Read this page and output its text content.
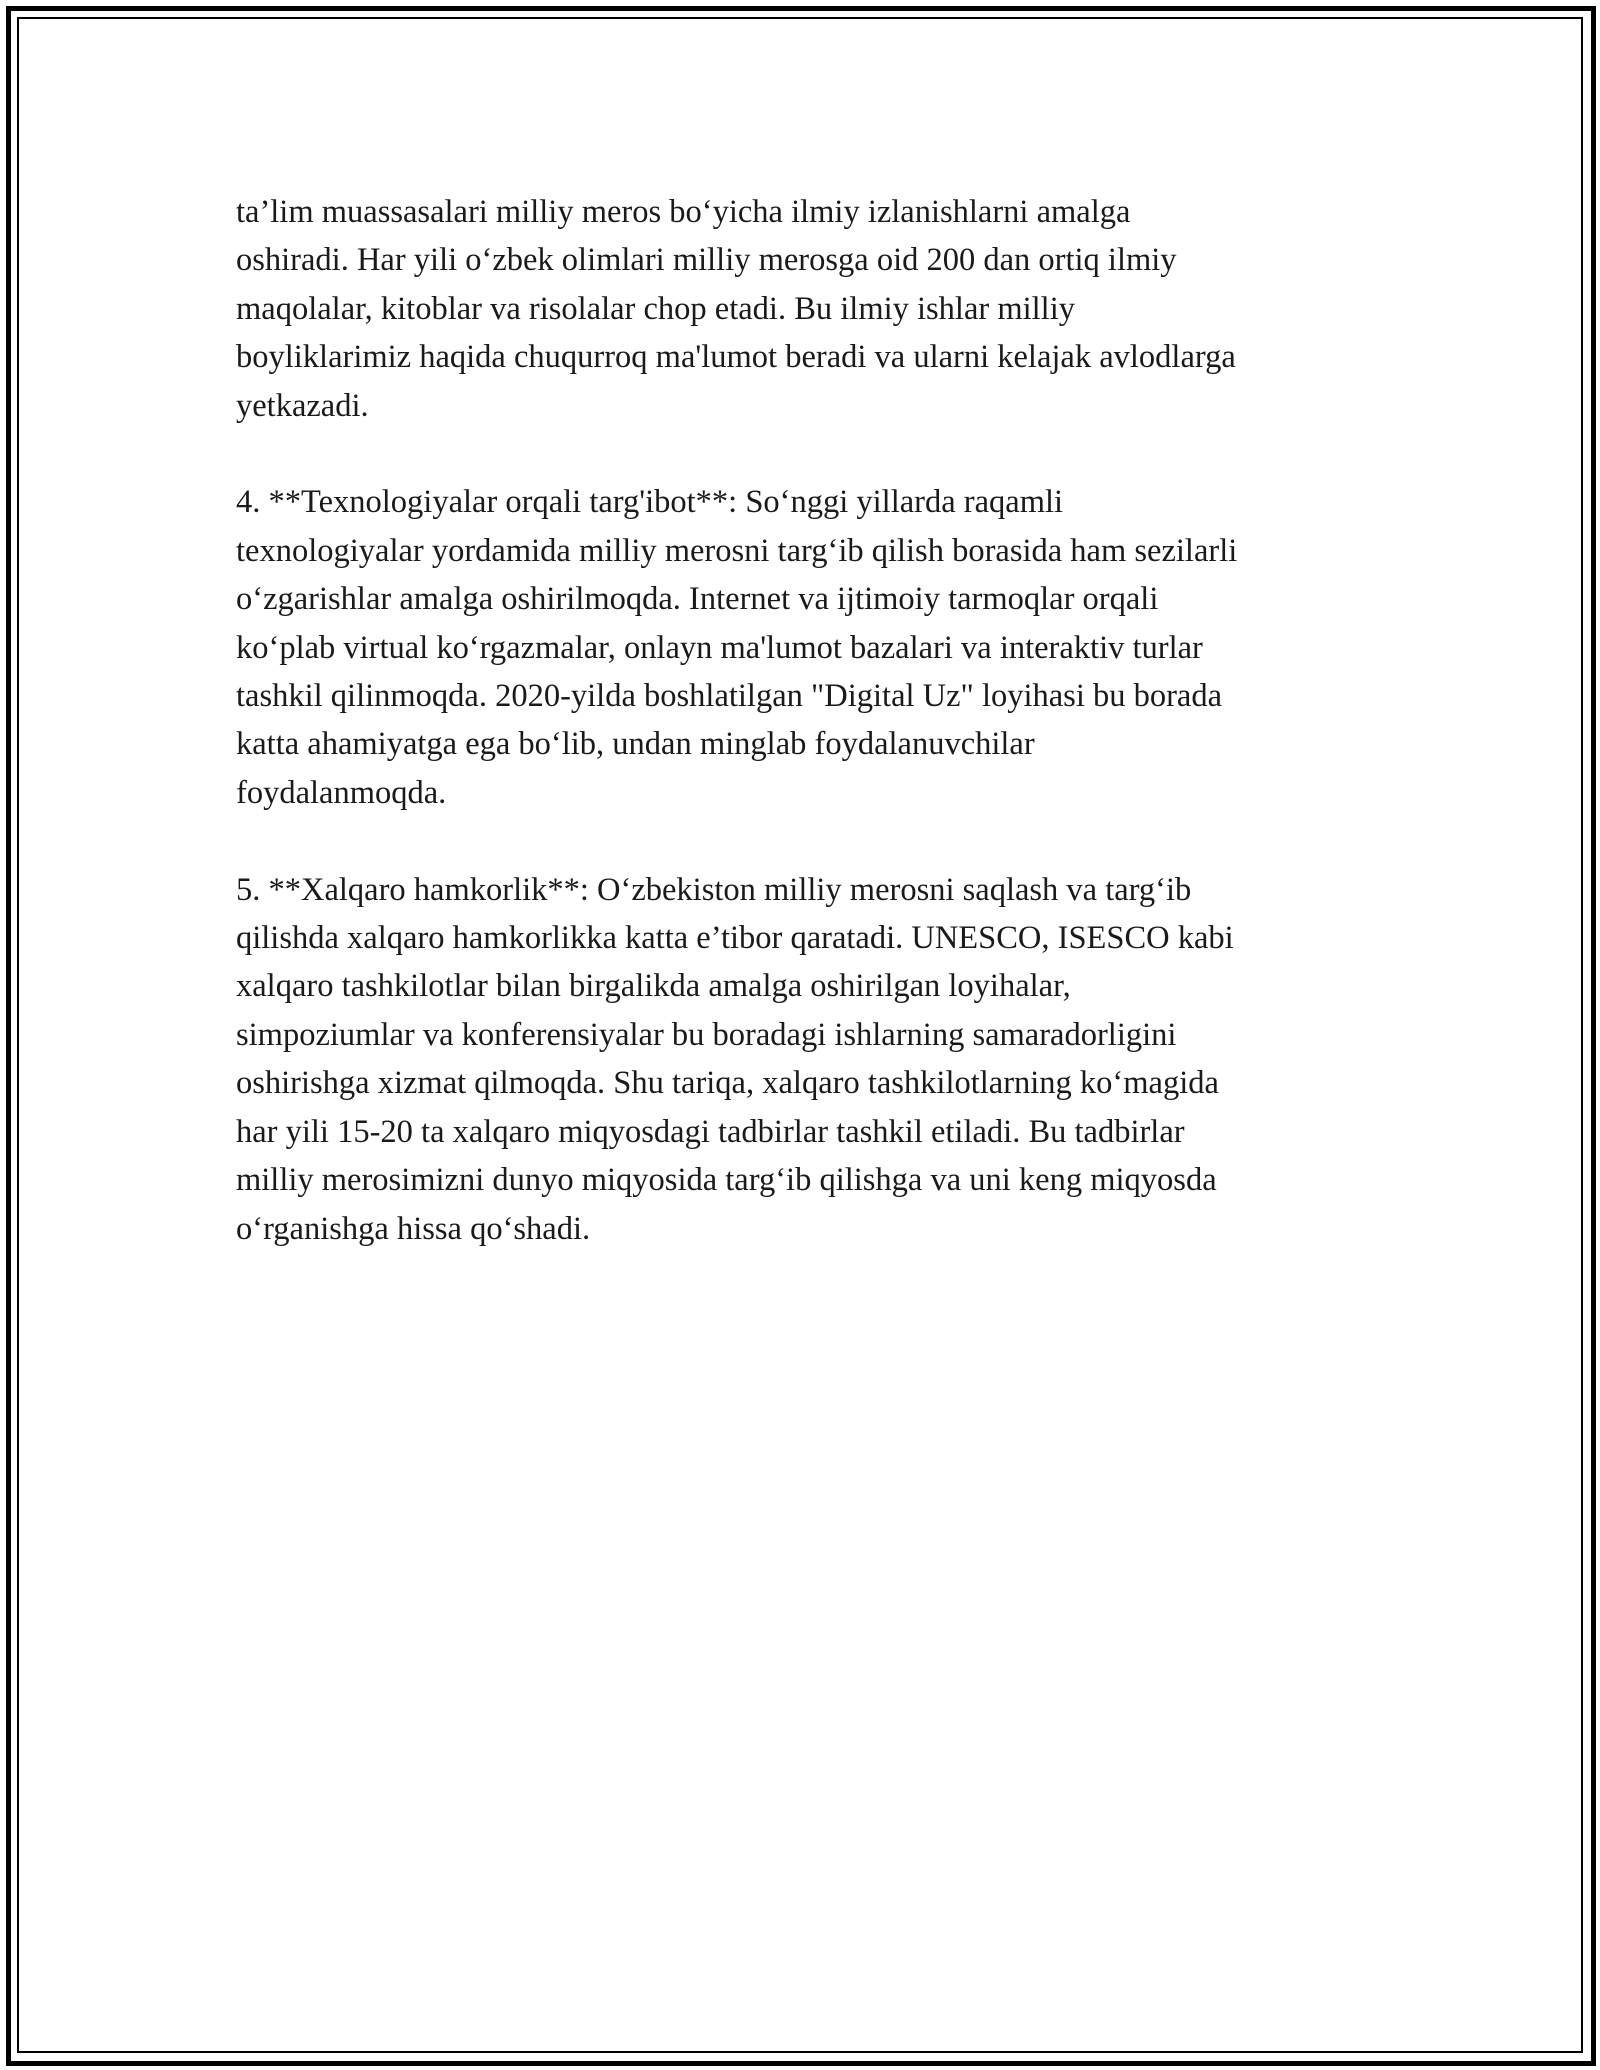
ta’lim muassasalari milliy meros bo‘yicha ilmiy izlanishlarni amalga
oshiradi. Har yili o‘zbek olimlari milliy merosga oid 200 dan ortiq ilmiy
maqolalar, kitoblar va risolalar chop etadi. Bu ilmiy ishlar milliy
boyliklarimiz haqida chuqurroq ma'lumot beradi va ularni kelajak avlodlarga
yetkazadi.

4. **Texnologiyalar orqali targ'ibot**: So‘nggi yillarda raqamli
texnologiyalar yordamida milliy merosni targ‘ib qilish borasida ham sezilarli
o‘zgarishlar amalga oshirilmoqda. Internet va ijtimoiy tarmoqlar orqali
ko‘plab virtual ko‘rgazmalar, onlayn ma'lumot bazalari va interaktiv turlar
tashkil qilinmoqda. 2020-yilda boshlatilgan "Digital Uz" loyihasi bu borada
katta ahamiyatga ega bo‘lib, undan minglab foydalanuvchilar
foydalanmoqda.

5. **Xalqaro hamkorlik**: O‘zbekiston milliy merosni saqlash va targ‘ib
qilishda xalqaro hamkorlikka katta e’tibor qaratadi. UNESCO, ISESCO kabi
xalqaro tashkilotlar bilan birgalikda amalga oshirilgan loyihalar,
simpoziumlar va konferensiyalar bu boradagi ishlarning samaradorligini
oshirishga xizmat qilmoqda. Shu tariqa, xalqaro tashkilotlarning ko‘magida
har yili 15-20 ta xalqaro miqyosdagi tadbirlar tashkil etiladi. Bu tadbirlar
milliy merosimizni dunyo miqyosida targ‘ib qilishga va uni keng miqyosda
o‘rganishga hissa qo‘shadi.
